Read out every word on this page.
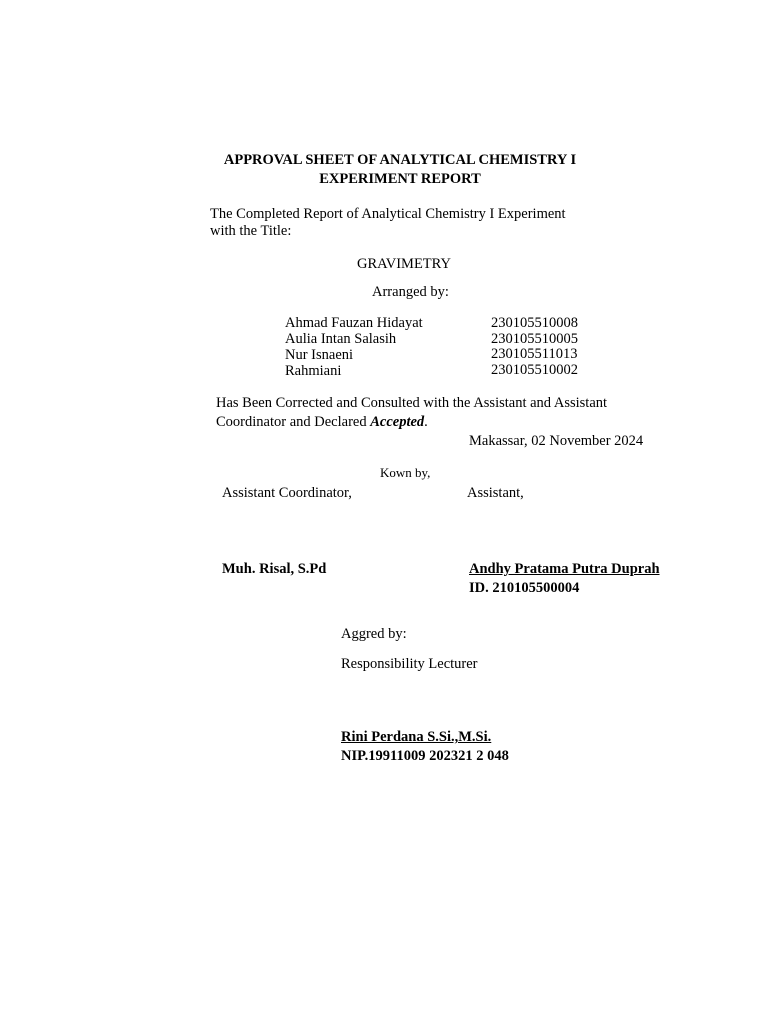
APPROVAL SHEET OF ANALYTICAL CHEMISTRY I
EXPERIMENT REPORT
The Completed Report of Analytical Chemistry I Experiment
with the Title:
GRAVIMETRY
Arranged by:
Ahmad Fauzan Hidayat	230105510008
Aulia Intan Salasih	230105510005
Nur Isnaeni	230105511013
Rahmiani	230105510002
Has Been Corrected and Consulted with the Assistant and Assistant
Coordinator and Declared Accepted.
Makassar, 02 November 2024
Kown by,
Assistant Coordinator,	Assistant,
Muh. Risal, S.Pd	Andhy Pratama Putra Duprah
ID. 210105500004
Aggred by:
Responsibility Lecturer
Rini Perdana S.Si.,M.Si.
NIP.19911009 202321 2 048
